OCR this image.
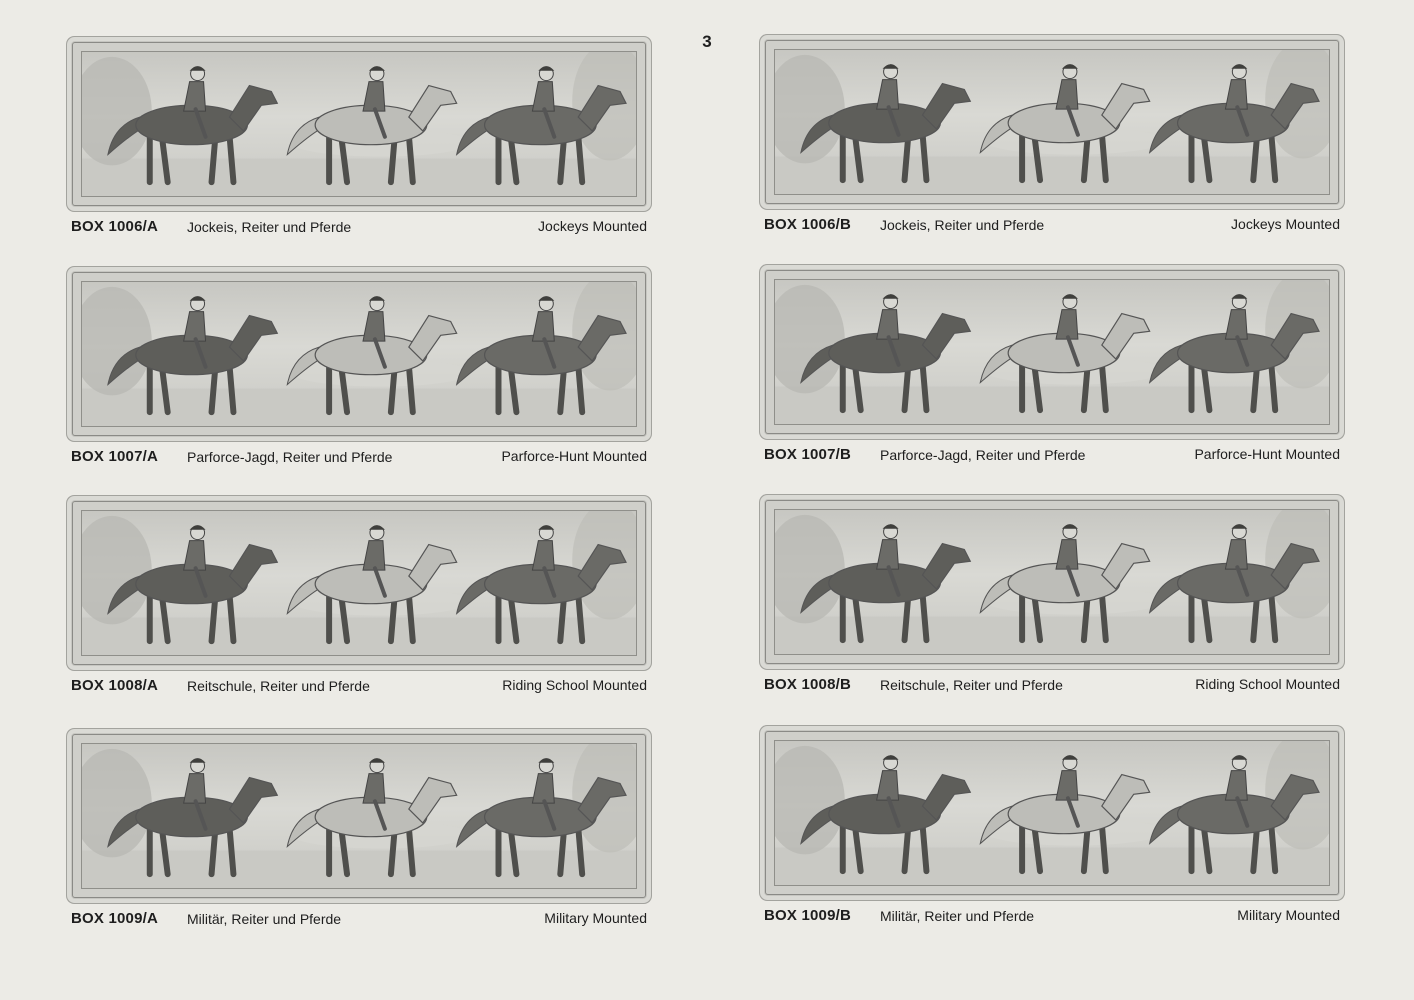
3
BOX 1006/A Jockeis, Reiter und Pferde	Jockeys Mounted	BOX 1006/B Jockeis, Reiter und Pferde	Jockeys Mounted
BOX 1007/A Parforce-Jagd, Reiter und Pferde	Parforce-Hunt Mounted	BOX 1007/B Parforce-Jagd, Reiter und Pferde	Parforce-Hunt Mounted
BOX 1008/A Reitschule, Reiter und Pferde	Riding School Mounted	BOX 1008/B Reitschule, Reiter und Pferde	Riding School Mounted
BOX 1009/A Militär, Reiter und Pferde	Military Mounted	BOX 1009/B Militär, Reiter und Pferde	Military Mounted
